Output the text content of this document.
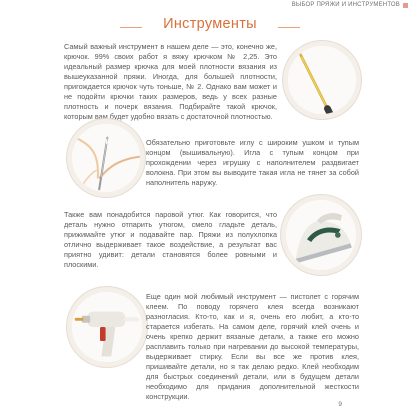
ВЫБОР ПРЯЖИ И ИНСТРУМЕНТОВ
Инструменты

Самый важный инструмент в нашем деле — это, конечно же, крючок. 99% своих работ я вяжу крючком № 2,25. Это идеальный размер крючка для моей плотности вязания из вышеуказанной пряжи. Иногда, для большей плотности, пригождается крючок чуть тоньше, № 2. Однако вам может и не подойти крючки таких размеров, ведь у всех разные плотность и почерк вязания. Подбирайте такой крючок, которым вам будет удобно вязать с достаточной плотностью.

Обязательно приготовьте иглу с широким ушком и тупым концом (вышивальную). Игла с тупым концом при прохождении через игрушку с наполнителем раздвигает волокна. При этом вы выводите такая игла не тянет за собой наполнитель наружу.

Также вам понадобится паровой утюг. Как говорится, что деталь нужно отпарить утюгом, смело гладьте деталь, прижимайте утюг и подавайте пар. Пряжи из полухлопка отлично выдерживает такое воздействие, а результат вас приятно удивит: детали становятся более ровными и плоскими.

Еще один мой любимый инструмент — пистолет с горячим клеем. По поводу горячего клея всегда возникают разногласия. Кто-то, как и я, очень его любит, а кто-то старается избегать. На самом деле, горячий клей очень и очень крепко держит вязаные детали, а также его можно расплавить только при нагревании до высокой температуры, выдерживает стирку. Если вы все же против клея, пришивайте детали, но я так делаю редко. Клей необходим для быстрых соединений детали, или в будущем детали необходимо для придания дополнительной жесткости конструкции.

9
